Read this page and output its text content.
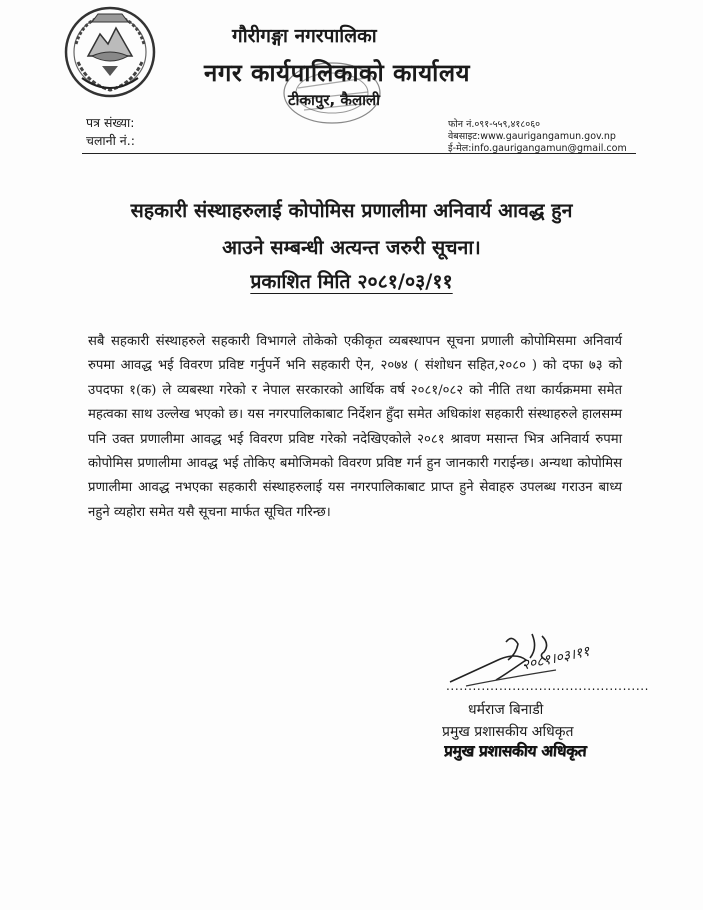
गौरीगङ्गा नगरपालिका
नगर कार्यपालिकाको कार्यालय
टीकापुर, कैलाली
पत्र संख्या:
चलानी नं.:
फोन नं.०९१-५५९,४१८०६०
वेबसाइट:www.gaurigangamun.gov.np
ई-मेल:info.gaurigangamun@gmail.com
सहकारी संस्थाहरुलाई कोपोमिस प्रणालीमा अनिवार्य आवद्ध हुन
आउने सम्बन्धी अत्यन्त जरुरी सूचना।
प्रकाशित मिति २०८१/०३/११
सबै सहकारी संस्थाहरुले सहकारी विभागले तोकेको एकीकृत व्यबस्थापन सूचना प्रणाली कोपोमिसमा अनिवार्य रुपमा आवद्ध भई विवरण प्रविष्ट गर्नुपर्ने भनि सहकारी ऐन, २०७४ ( संशोधन सहित,२०८० ) को दफा ७३ को उपदफा १(क) ले व्यबस्था गरेको र नेपाल सरकारको आर्थिक वर्ष २०८१/०८२ को नीति तथा कार्यक्रममा समेत महत्वका साथ उल्लेख भएको छ। यस नगरपालिकाबाट निर्देशन हुँदा समेत अधिकांश सहकारी संस्थाहरुले हालसम्म पनि उक्त प्रणालीमा आवद्ध भई विवरण प्रविष्ट गरेको नदेखिएकोले २०८१ श्रावण मसान्त भित्र अनिवार्य रुपमा कोपोमिस प्रणालीमा आवद्ध भई तोकिए बमोजिमको विवरण प्रविष्ट गर्न हुन जानकारी गराईन्छ। अन्यथा कोपोमिस प्रणालीमा आवद्ध नभएका सहकारी संस्थाहरुलाई यस नगरपालिकाबाट प्राप्त हुने सेवाहरु उपलब्ध गराउन बाध्य नहुने व्यहोरा समेत यसै सूचना मार्फत सूचित गरिन्छ।
२०८१।०३।११
..............................................
धर्मराज बिनाडी
प्रमुख प्रशासकीय अधिकृत
प्रमुख प्रशासकीय अधिकृत
